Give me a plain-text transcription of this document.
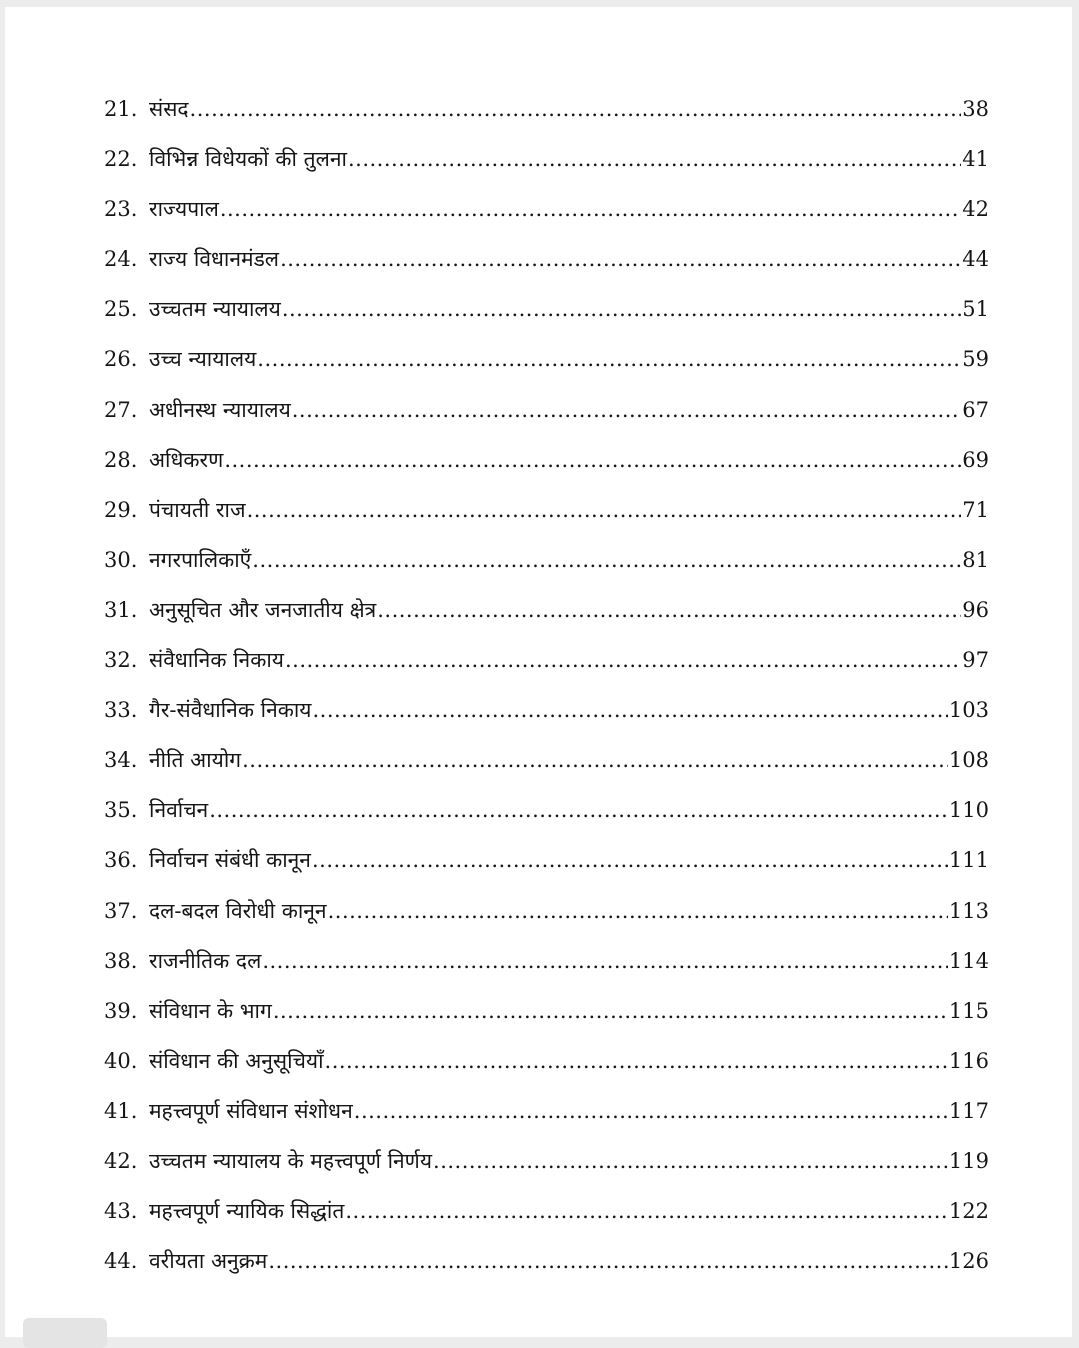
21. संसद .....	38
22. विभिन्न विधेयकों की तुलना .....	41
23. राज्यपाल .....	42
24. राज्य विधानमंडल .....	44
25. उच्चतम न्यायालय .....	51
26. उच्च न्यायालय .....	59
27. अधीनस्थ न्यायालय .....	67
28. अधिकरण .....	69
29. पंचायती राज .....	71
30. नगरपालिकाएँ .....	81
31. अनुसूचित और जनजातीय क्षेत्र .....	96
32. संवैधानिक निकाय .....	97
33. गैर-संवैधानिक निकाय .....	103
34. नीति आयोग .....	108
35. निर्वाचन .....	110
36. निर्वाचन संबंधी कानून .....	111
37. दल-बदल विरोधी कानून .....	113
38. राजनीतिक दल .....	114
39. संविधान के भाग .....	115
40. संविधान की अनुसूचियाँ .....	116
41. महत्त्वपूर्ण संविधान संशोधन .....	117
42. उच्चतम न्यायालय के महत्त्वपूर्ण निर्णय .....	119
43. महत्त्वपूर्ण न्यायिक सिद्धांत .....	122
44. वरीयता अनुक्रम .....	126
